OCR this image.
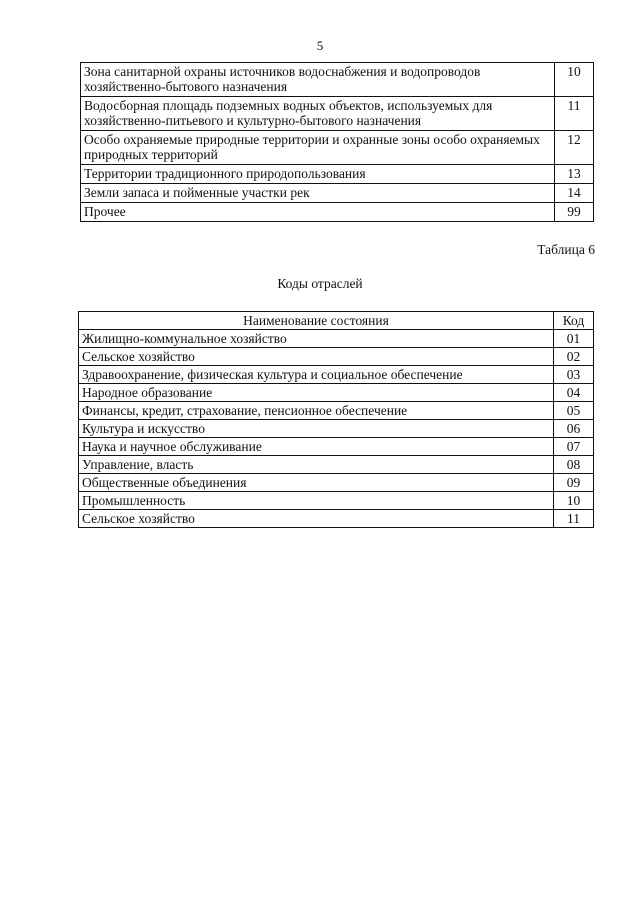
5
Зона санитарной охраны источников водоснабжения и водопроводов хозяйственно-бытового назначения	10
Водосборная площадь подземных водных объектов, используемых для хозяйственно-питьевого и культурно-бытового назначения	11
Особо охраняемые природные территории и охранные зоны особо охраняемых природных территорий	12
Территории традиционного природопользования	13
Земли запаса и пойменные участки рек	14
Прочее	99
Таблица 6
Коды отраслей
Наименование состояния	Код
Жилищно-коммунальное хозяйство	01
Сельское хозяйство	02
Здравоохранение, физическая культура и социальное обеспечение	03
Народное образование	04
Финансы, кредит, страхование, пенсионное обеспечение	05
Культура и искусство	06
Наука и научное обслуживание	07
Управление, власть	08
Общественные объединения	09
Промышленность	10
Сельское хозяйство	11
